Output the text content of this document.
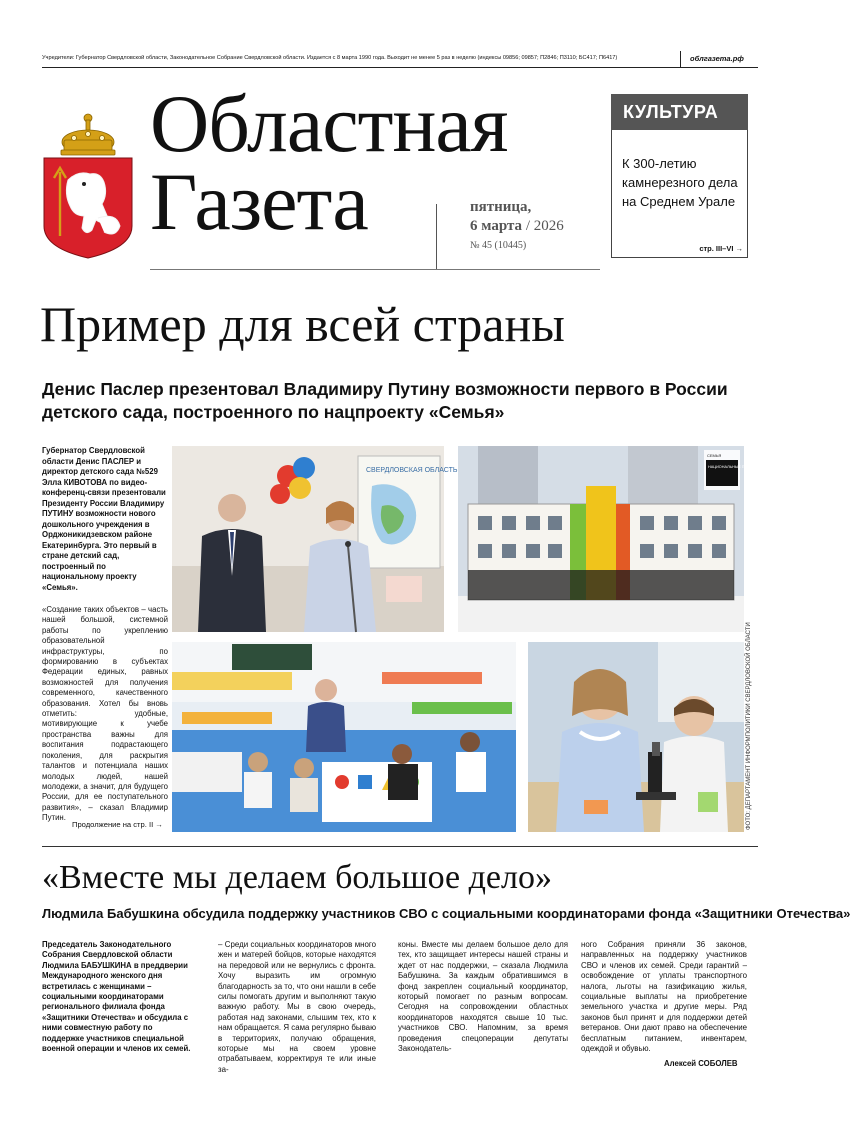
Учредители: Губернатор Свердловской области, Законодательное Собрание Свердловской области. Издается с 8 марта 1990 года. Выходит не менее 5 раз в неделю (индексы 09856; 09857; П2846; П3110; БС417; П6417)	облгазета.рф
Областная
Газета	пятница,
6 марта / 2026
№ 45 (10445)
КУЛЬТУРА
К 300-летию камнерезного дела на Среднем Урале
стр. III–VI →
Пример для всей страны
Денис Паслер презентовал Владимиру Путину возможности первого в России детского сада, построенного по нацпроекту «Семья»
Губернатор Свердловской области Денис ПАСЛЕР и директор детского сада №529 Элла КИВОТОВА по видео-конференц-связи презентовали Президенту России Владимиру ПУТИНУ возможности нового дошкольного учреждения в Орджоникидзевском районе Екатеринбурга. Это первый в стране детский сад, построенный по национальному проекту «Семья».
«Создание таких объектов – часть нашей большой, системной работы по укреплению образовательной инфраструктуры, по формированию в субъектах Федерации единых, равных возможностей для получения современного, качественного образования. Хотел бы вновь отметить: удобные, мотивирующие к учебе пространства важны для воспитания подрастающего поколения, для раскрытия талантов и потенциала наших молодых людей, нашей молодежи, а значит, для будущего России, для ее поступательного развития», – сказал Владимир Путин.
Продолжение на стр. II →
СВЕРДЛОВСКАЯ ОБЛАСТЬ
СЕМЬЯ
НАЦИОНАЛЬНЫЕ ПРОЕКТЫ РОССИИ
ФОТО: ДЕПАРТАМЕНТ ИНФОРМПОЛИТИКИ СВЕРДЛОВСКОЙ ОБЛАСТИ
«Вместе мы делаем большое дело»
Людмила Бабушкина обсудила поддержку участников СВО с социальными координаторами фонда «Защитники Отечества»
Председатель Законодательного Собрания Свердловской области Людмила БАБУШКИНА в преддверии Международного женского дня встретилась с женщинами – социальными координаторами регионального филиала фонда «Защитники Отечества» и обсудила с ними совместную работу по поддержке участников специальной военной операции и членов их семей.
– Среди социальных координаторов много жен и матерей бойцов, которые находятся на передовой или не вернулись с фронта. Хочу выразить им огромную благодарность за то, что они нашли в себе силы помогать другим и выполняют такую важную работу. Мы в свою очередь, работая над законами, слышим тех, кто к нам обращается. Я сама регулярно бываю в территориях, получаю обращения, которые мы на своем уровне отрабатываем, корректируя те или иные за-
коны. Вместе мы делаем большое дело для тех, кто защищает интересы нашей страны и ждет от нас поддержки, – сказала Людмила Бабушкина. За каждым обратившимся в фонд закреплен социальный координатор, который помогает по разным вопросам. Сегодня на сопровождении областных координаторов находятся свыше 10 тыс. участников СВО. Напомним, за время проведения спецоперации депутаты Законодатель-
ного Собрания приняли 36 законов, направленных на поддержку участников СВО и членов их семей. Среди гарантий – освобождение от уплаты транспортного налога, льготы на газификацию жилья, социальные выплаты на приобретение земельного участка и другие меры. Ряд законов был принят и для поддержки детей ветеранов. Они дают право на обеспечение бесплатным питанием, инвентарем, одеждой и обувью.
Алексей СОБОЛЕВ
